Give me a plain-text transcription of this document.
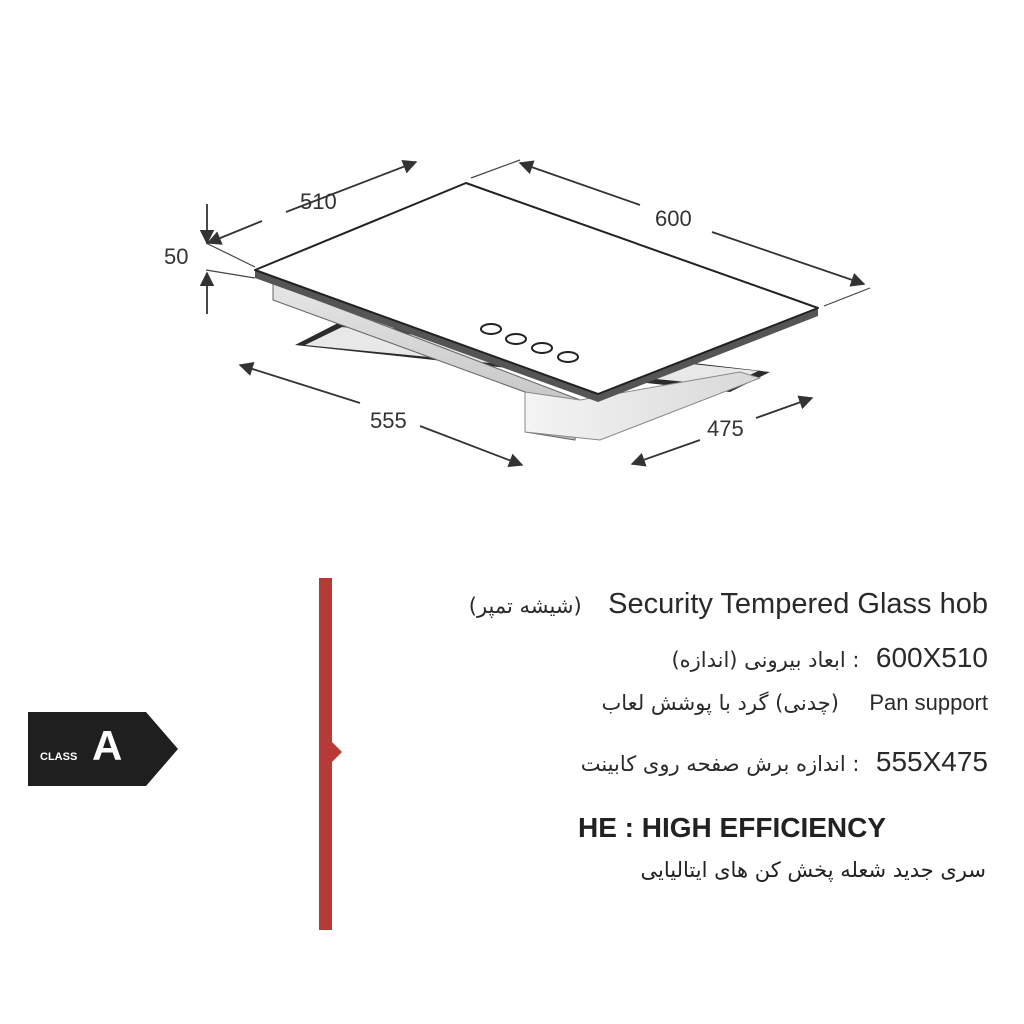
510
600
50
555	475
CLASS A
(شیشه تمپر) Security Tempered Glass hob
: ابعاد بیرونی (اندازه) 600X510
(چدنی) گرد با پوشش لعاب Pan support
: اندازه برش صفحه روی کابینت 555X475
HE : HIGH EFFICIENCY
سری جدید شعله پخش کن های ایتالیایی
